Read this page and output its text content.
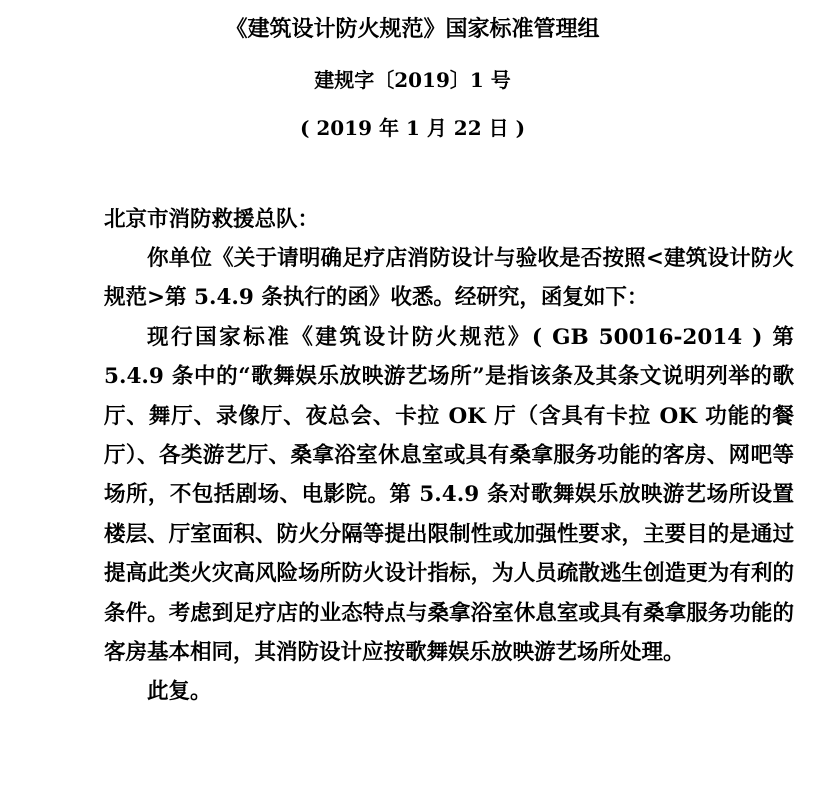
《建筑设计防火规范》国家标准管理组
建规字〔2019〕1 号
( 2019 年 1 月 22 日 )
北京市消防救援总队：

你单位《关于请明确足疗店消防设计与验收是否按照<建筑设计防火规范>第 5.4.9 条执行的函》收悉。经研究，函复如下：

现行国家标准《建筑设计防火规范》( GB 50016-2014 ) 第 5.4.9 条中的“歌舞娱乐放映游艺场所”是指该条及其条文说明列举的歌厅、舞厅、录像厅、夜总会、卡拉 OK 厅（含具有卡拉 OK 功能的餐厅）、各类游艺厅、桑拿浴室休息室或具有桑拿服务功能的客房、网吧等场所，不包括剧场、电影院。第 5.4.9 条对歌舞娱乐放映游艺场所设置楼层、厅室面积、防火分隔等提出限制性或加强性要求，主要目的是通过提高此类火灾高风险场所防火设计指标，为人员疏散逃生创造更为有利的条件。考虑到足疗店的业态特点与桑拿浴室休息室或具有桑拿服务功能的客房基本相同，其消防设计应按歌舞娱乐放映游艺场所处理。

此复。
